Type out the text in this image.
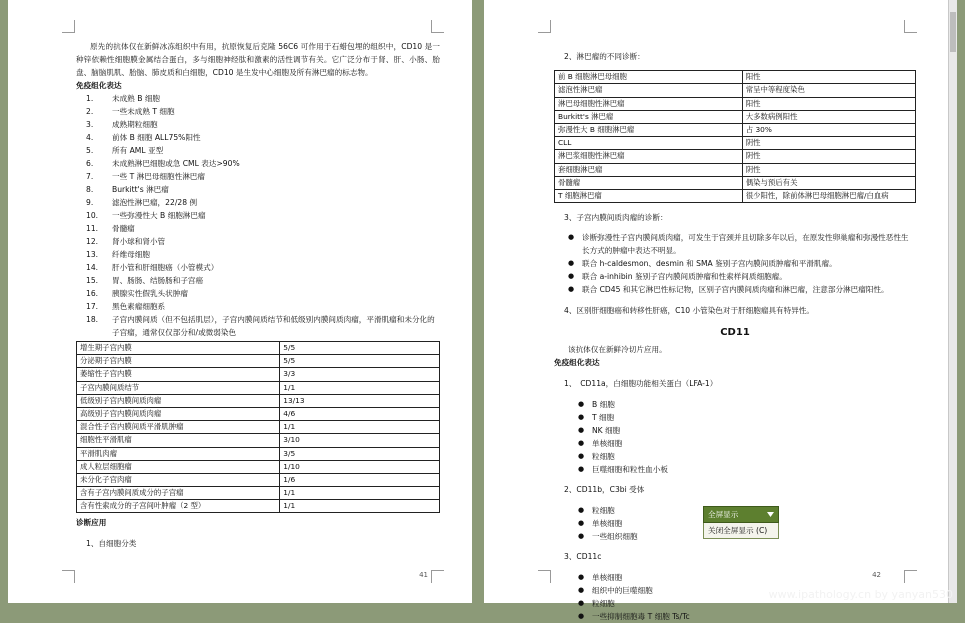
原先的抗体仅在新鲜冰冻组织中有用，抗原恢复后克隆 56C6 可作用于石蜡包埋的组织中，CD10 是一种锌依赖性细胞膜金属结合蛋白，多与细胞神经肽和激素的活性调节有关。它广泛分布于肾、肝、小肠、胎盘、脑脑肌肌、胎脑、肺皮质和白细胞，CD10 是生发中心细胞及所有淋巴瘤的标志物。

免疫组化表达

1.	未成熟 B 细胞
2.	一些未成熟 T 细胞
3.	成熟期粒细胞
4.	前体 B 细胞 ALL75%阳性
5.	所有 AML 亚型
6.	未成熟淋巴细胞或急 CML 表达>90%
7.	一些 T 淋巴母细胞性淋巴瘤
8.	Burkitt's 淋巴瘤
9.	滤泡性淋巴瘤，22/28 例
10.	一些弥漫性大 B 细胞淋巴瘤
11.	骨髓瘤
12.	肾小球和肾小管
13.	纤维母细胞
14.	肝小管和肝细胞癌（小管模式）
15.	胃、肠肠、结肠肠和子宫癌
16.	胰腺实性假乳头状肿瘤
17.	黑色素瘤细胞系
18.	子宫内膜间质（但不包括肌层），子宫内膜间质结节和低级别内膜间质肉瘤，平滑肌瘤和未分化的子宫瘤，通常仅仅部分和/或微弱染色
增生期子宫内膜	5/5
分泌期子宫内膜	5/5
萎缩性子宫内膜	3/3
子宫内膜间质结节	1/1
低级别子宫内膜间质肉瘤	13/13
高级别子宫内膜间质肉瘤	4/6
混合性子宫内膜间质平滑肌肿瘤	1/1
细胞性平滑肌瘤	3/10
平滑肌肉瘤	3/5
成人粒层细胞瘤	1/10
未分化子宫肉瘤	1/6
含有子宫内膜间质成分的子宫瘤	1/1
含有性索成分的子宫间叶肿瘤（2 型）	1/1

诊断应用

1、自细胞分类

41

2、淋巴瘤的不同诊断：

前 B 细胞淋巴母细胞	阳性
滤泡性淋巴瘤	常呈中等程度染色
淋巴母细胞性淋巴瘤	阳性
Burkitt's 淋巴瘤	大多数病例阳性
弥漫性大 B 细胞淋巴瘤	占 30%
CLL	阴性
淋巴浆细胞性淋巴瘤	阴性
套细胞淋巴瘤	阴性
骨髓瘤	偶染与预后有关
T 细胞淋巴瘤	很少阳性，除前体淋巴母细胞淋巴瘤/白血病

3、子宫内膜间质肉瘤的诊断：

●	诊断弥漫性子宫内膜间质肉瘤，可发生于宫颈并且切除多年以后，在原发性卵巢瘤和弥漫性恶性生长方式的肿瘤中表达不明显。
●	联合 h-caldesmon、desmin 和 SMA 鉴别子宫内膜间质肿瘤和平滑肌瘤。
●	联合 a-inhibin 鉴别子宫内膜间质肿瘤和性索样间质细胞瘤。
●	联合 CD45 和其它淋巴性标记物，区别子宫内膜间质肉瘤和淋巴瘤，注意部分淋巴瘤阳性。

4、区别肝细胞癌和转移性肝癌，C10 小管染色对于肝细胞瘤具有特异性。

CD11

该抗体仅在新鲜冷切片应用。

免疫组化表达

1、　CD11a，白细胞功能相关蛋白（LFA-1）

●	B 细胞
●	T 细胞
●	NK 细胞
●	单核细胞
●	粒细胞
●	巨噬细胞和粒性血小板

2、CD11b，C3bi 受体

●	粒细胞
●	单核细胞
●	一些组织细胞

3、CD11c

●	单核细胞
●	组织中的巨噬细胞
●	粒细胞
●	一些抑制细胞毒 T 细胞 Ts/Tc
42
全屏显示
关闭全屏显示 (C)
www.ipathology.cn by yanyan530
